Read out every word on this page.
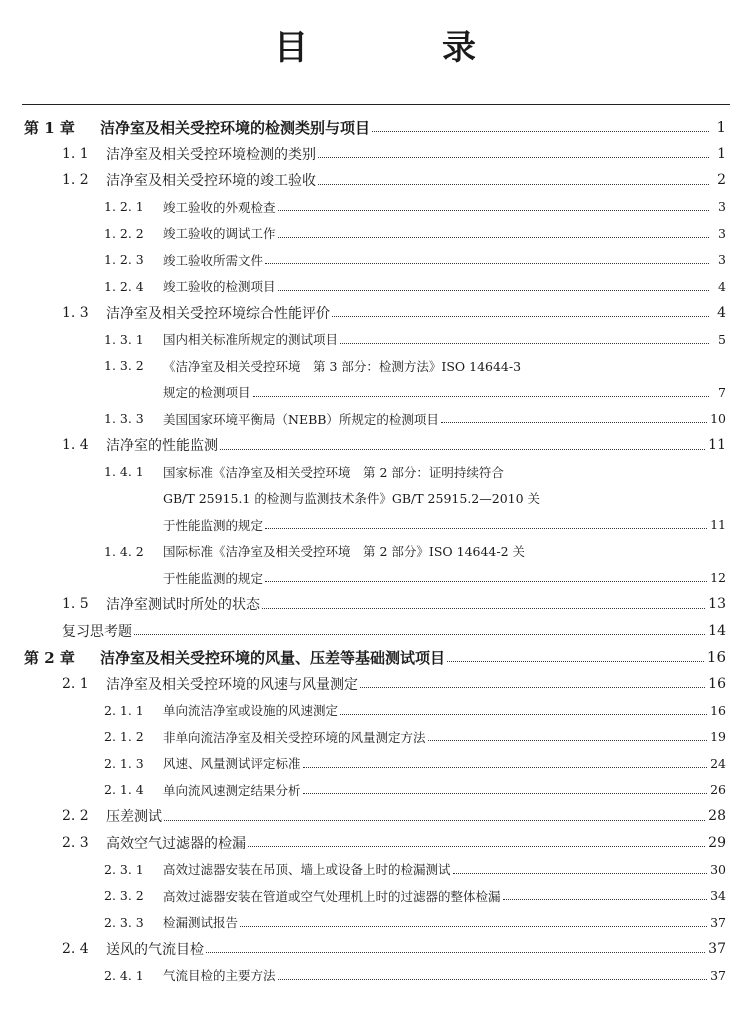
目　录
第 1 章	洁净室及相关受控环境的检测类别与项目	1
1. 1	洁净室及相关受控环境检测的类别	1
1. 2	洁净室及相关受控环境的竣工验收	2
1. 2. 1	竣工验收的外观检查	3
1. 2. 2	竣工验收的调试工作	3
1. 2. 3	竣工验收所需文件	3
1. 2. 4	竣工验收的检测项目	4
1. 3	洁净室及相关受控环境综合性能评价	4
1. 3. 1	国内相关标准所规定的测试项目	5
1. 3. 2	《洁净室及相关受控环境　第 3 部分：检测方法》ISO 14644-3
规定的检测项目	7
1. 3. 3	美国国家环境平衡局（NEBB）所规定的检测项目	10
1. 4	洁净室的性能监测	11
1. 4. 1	国家标准《洁净室及相关受控环境　第 2 部分：证明持续符合
GB/T 25915.1 的检测与监测技术条件》GB/T 25915.2—2010 关
于性能监测的规定	11
1. 4. 2	国际标准《洁净室及相关受控环境　第 2 部分》ISO 14644-2 关
于性能监测的规定	12
1. 5	洁净室测试时所处的状态	13
复习思考题	14
第 2 章	洁净室及相关受控环境的风量、压差等基础测试项目	16
2. 1	洁净室及相关受控环境的风速与风量测定	16
2. 1. 1	单向流洁净室或设施的风速测定	16
2. 1. 2	非单向流洁净室及相关受控环境的风量测定方法	19
2. 1. 3	风速、风量测试评定标准	24
2. 1. 4	单向流风速测定结果分析	26
2. 2	压差测试	28
2. 3	高效空气过滤器的检漏	29
2. 3. 1	高效过滤器安装在吊顶、墙上或设备上时的检漏测试	30
2. 3. 2	高效过滤器安装在管道或空气处理机上时的过滤器的整体检漏	34
2. 3. 3	检漏测试报告	37
2. 4	送风的气流目检	37
2. 4. 1	气流目检的主要方法	37
